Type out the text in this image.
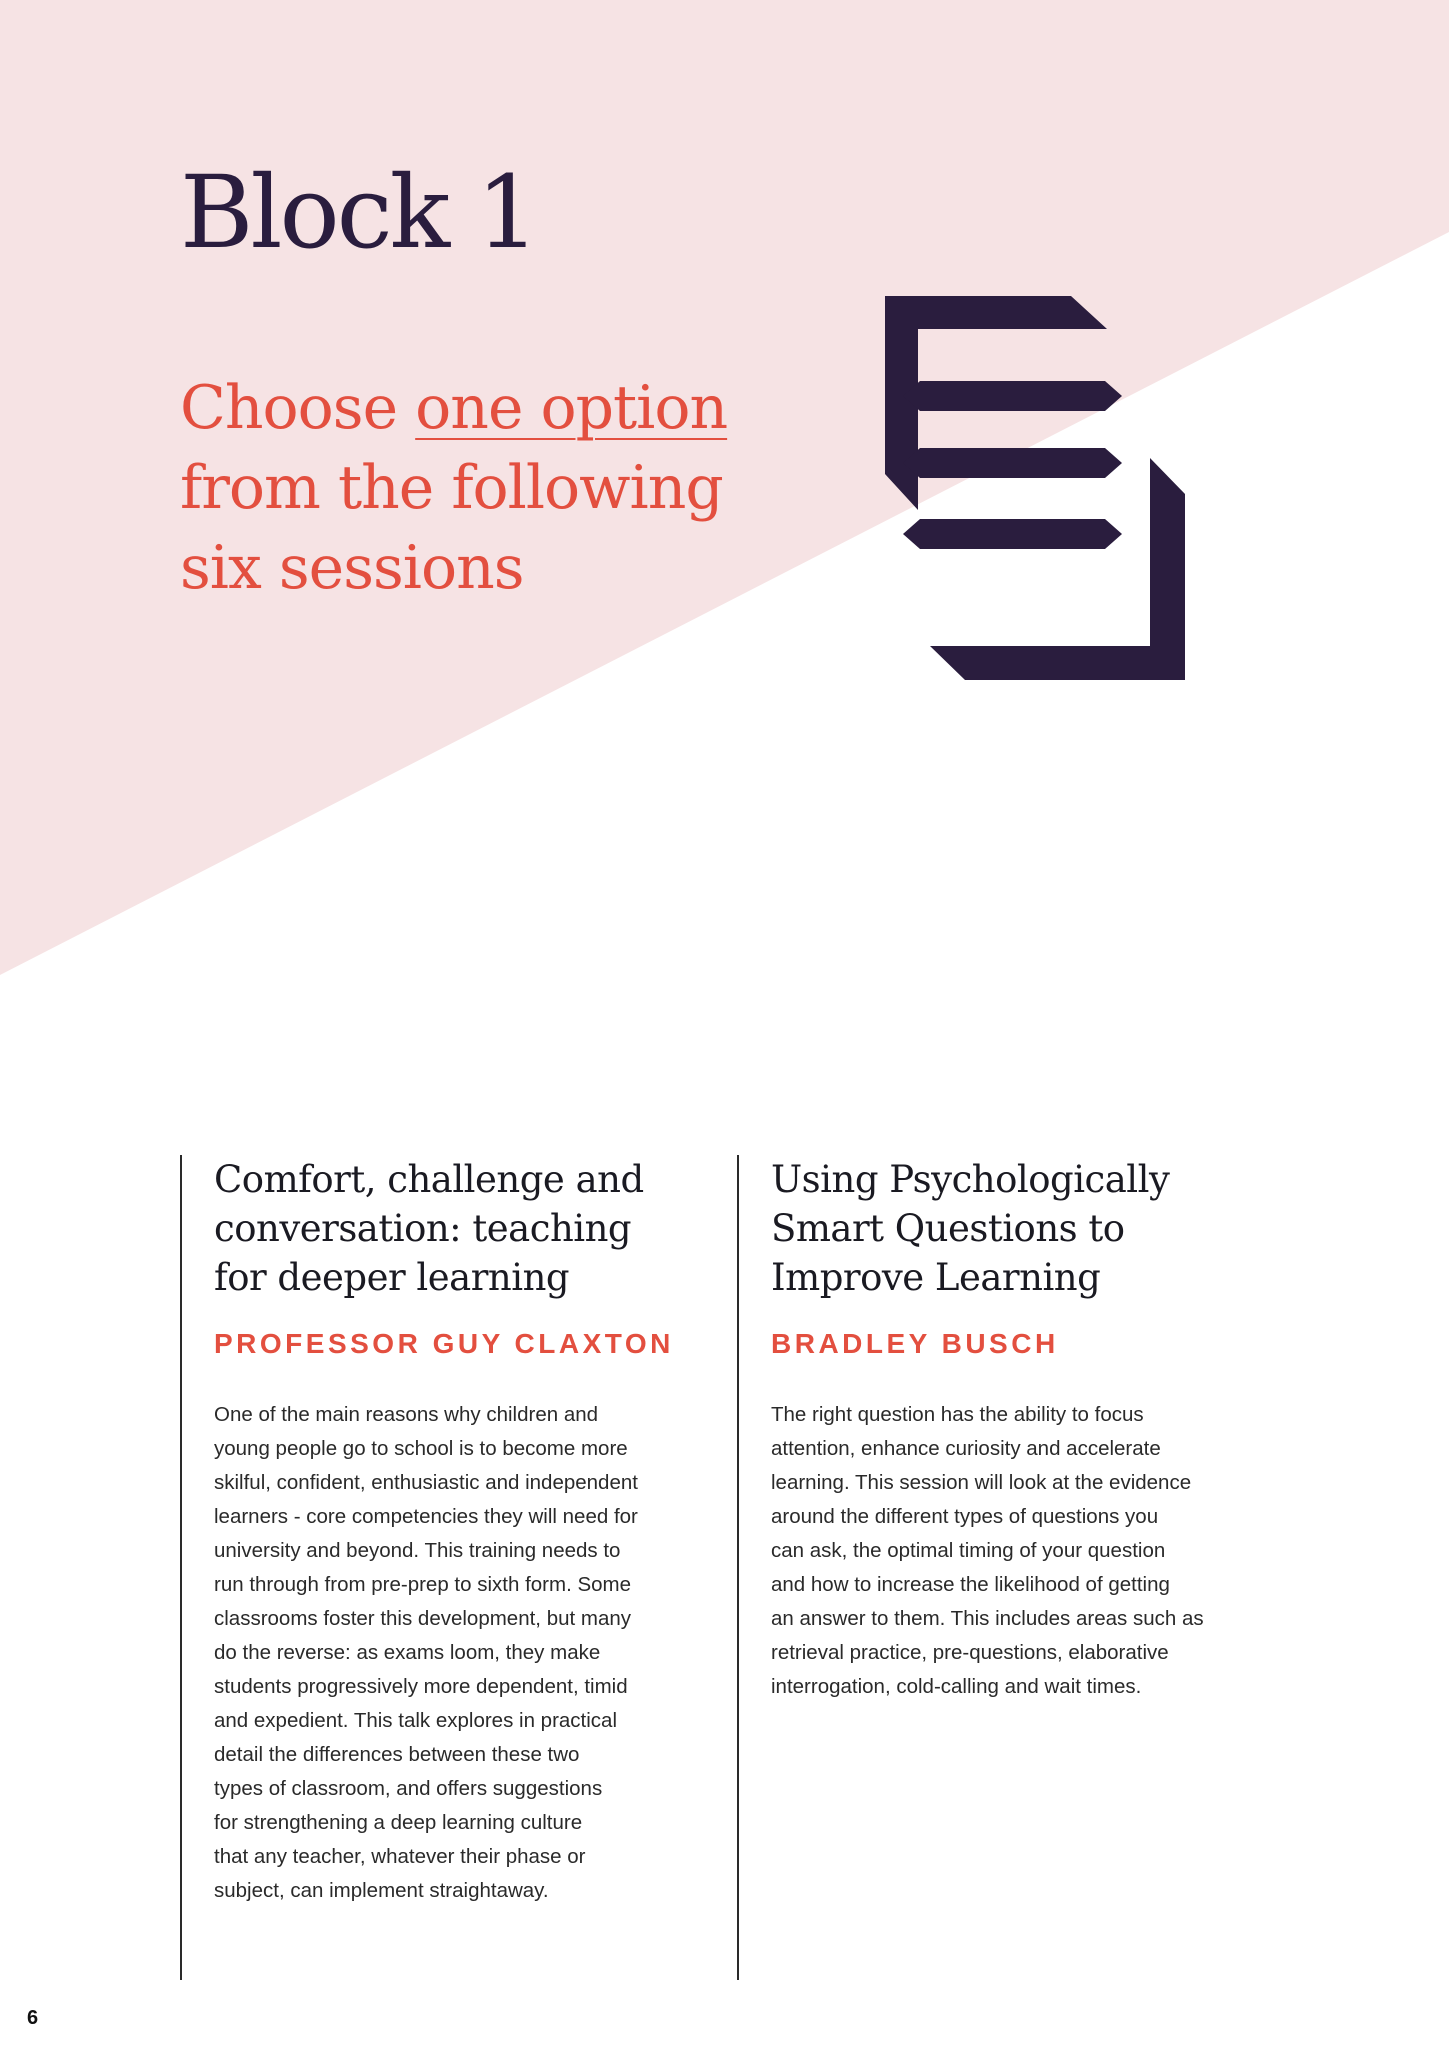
Block 1

Choose one option
from the following
six sessions

Comfort, challenge and
conversation: teaching
for deeper learning
PROFESSOR GUY CLAXTON

One of the main reasons why children and
young people go to school is to become more
skilful, confident, enthusiastic and independent
learners - core competencies they will need for
university and beyond. This training needs to
run through from pre-prep to sixth form. Some
classrooms foster this development, but many
do the reverse: as exams loom, they make
students progressively more dependent, timid
and expedient. This talk explores in practical
detail the differences between these two
types of classroom, and offers suggestions
for strengthening a deep learning culture
that any teacher, whatever their phase or
subject, can implement straightaway.

Using Psychologically
Smart Questions to
Improve Learning
BRADLEY BUSCH

The right question has the ability to focus
attention, enhance curiosity and accelerate
learning. This session will look at the evidence
around the different types of questions you
can ask, the optimal timing of your question
and how to increase the likelihood of getting
an answer to them. This includes areas such as
retrieval practice, pre-questions, elaborative
interrogation, cold-calling and wait times.

6
